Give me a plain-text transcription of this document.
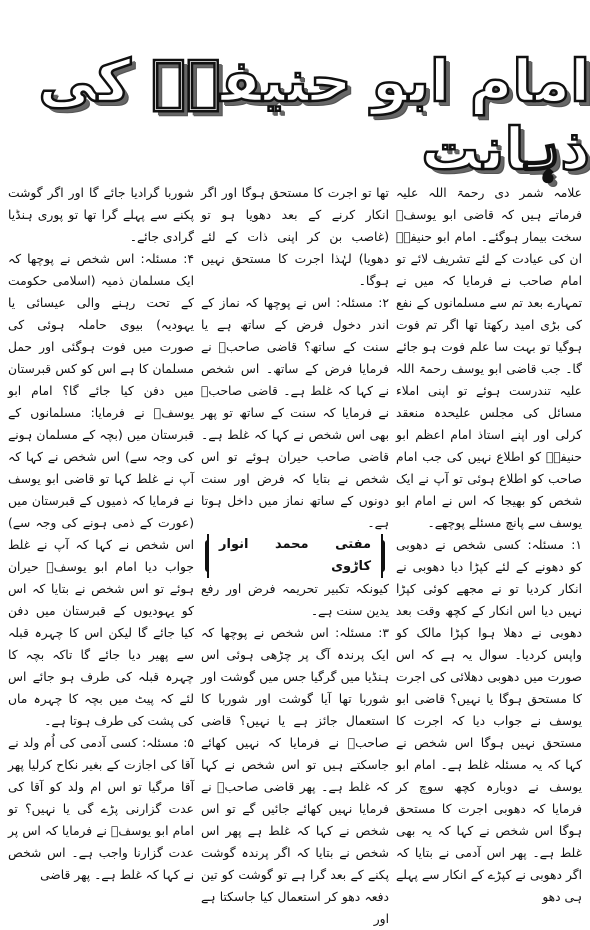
امام ابو حنیفہؒ کی ذہانت

علامہ شمر دی رحمۃ اللہ علیہ فرماتے ہیں کہ قاضی ابو یوسفؒ سخت بیمار ہوگئے۔ امام ابو حنیفہؒ ان کی عیادت کے لئے تشریف لائے تو امام صاحب نے فرمایا کہ میں نے تمہارے بعد تم سے مسلمانوں کے نفع کی بڑی امید رکھتا تھا اگر تم فوت ہوگیا تو بہت سا علم فوت ہو جائے گا۔ جب قاضی ابو یوسف رحمۃ اللہ علیہ تندرست ہوئے تو اپنی املاء مسائل کی مجلس علیحدہ منعقد کرلی اور اپنے استاذ امام اعظم ابو حنیفہؒ کو اطلاع نہیں کی جب امام صاحب کو اطلاع ہوئی تو آپ نے ایک شخص کو بھیجا کہ اس نے امام ابو یوسف سے پانچ مسئلے پوچھے۔

۱: مسئلہ: کسی شخص نے دھوبی کو دھونے کے لئے کپڑا دیا دھوبی نے انکار کردیا تو نے مجھے کوئی کپڑا نہیں دیا اس انکار کے کچھ وقت بعد دھوبی نے دھلا ہوا کپڑا مالک کو واپس کردیا۔ سوال یہ ہے کہ اس صورت میں دھوبی دھلائی کی اجرت کا مستحق ہوگا یا نہیں؟ قاضی ابو یوسف نے جواب دیا کہ اجرت کا مستحق نہیں ہوگا اس شخص نے کہا کہ یہ مسئلہ غلط ہے۔ امام ابو یوسف نے دوبارہ کچھ سوچ کر فرمایا کہ دھوبی اجرت کا مستحق ہوگا اس شخص نے کہا کہ یہ بھی غلط ہے۔ پھر اس آدمی نے بتایا کہ اگر دھوبی نے کپڑے کے انکار سے پہلے ہی دھو

تھا تو اجرت کا مستحق ہوگا اور اگر انکار کرنے کے بعد دھویا ہو تو (غاصب بن کر اپنی ذات کے لئے دھویا) لہٰذا اجرت کا مستحق نہیں ہوگا۔

۲: مسئلہ: اس نے پوچھا کہ نماز کے اندر دخول فرض کے ساتھ ہے یا سنت کے ساتھ؟ قاضی صاحبؒ نے فرمایا فرض کے ساتھ۔ اس شخص نے کہا کہ غلط ہے۔ قاضی صاحبؒ نے فرمایا کہ سنت کے ساتھ تو پھر بھی اس شخص نے کہا کہ غلط ہے۔ قاضی صاحب حیران ہوئے تو اس شخص نے بتایا کہ فرض اور سنت دونوں کے ساتھ نماز میں داخل ہوتا ہے۔

مفتی محمد انوار کاڑوی

کیونکہ تکبیر تحریمہ فرض اور رفع یدین سنت ہے۔

۳: مسئلہ: اس شخص نے پوچھا کہ ایک پرندہ آگ پر چڑھی ہوئی اس ہنڈیا میں گرگیا جس میں گوشت اور شوربا تھا آیا گوشت اور شوربا کا استعمال جائز ہے یا نہیں؟ قاضی صاحبؒ نے فرمایا کہ نہیں کھائے جاسکتے ہیں تو اس شخص نے کہا کہ غلط ہے۔ پھر قاضی صاحبؒ نے فرمایا نہیں کھائے جائیں گے تو اس شخص نے کہا کہ غلط ہے پھر اس شخص نے بتایا کہ اگر پرندہ گوشت پکنے کے بعد گرا ہے تو گوشت کو تین دفعہ دھو کر استعمال کیا جاسکتا ہے اور

شوربا گرادیا جائے گا اور اگر گوشت پکنے سے پہلے گرا تھا تو پوری ہنڈیا گرادی جائے۔

۴: مسئلہ: اس شخص نے پوچھا کہ ایک مسلمان ذمیہ (اسلامی حکومت کے تحت رہنے والی عیسائی یا یہودیہ) بیوی حاملہ ہوئی کی صورت میں فوت ہوگئی اور حمل مسلمان کا ہے اس کو کس قبرستان میں دفن کیا جائے گا؟ امام ابو یوسفؒ نے فرمایا: مسلمانوں کے قبرستان میں (بچہ کے مسلمان ہونے کی وجہ سے) اس شخص نے کہا کہ آپ نے غلط کہا تو قاضی ابو یوسف نے فرمایا کہ ذمیوں کے قبرستان میں (عورت کے ذمی ہونے کی وجہ سے) اس شخص نے کہا کہ آپ نے غلط جواب دیا امام ابو یوسفؒ حیران ہوئے تو اس شخص نے بتایا کہ اس کو یہودیوں کے قبرستان میں دفن کیا جائے گا لیکن اس کا چہرہ قبلہ سے پھیر دیا جائے گا تاکہ بچہ کا چہرہ قبلہ کی طرف ہو جائے اس لئے کہ پیٹ میں بچہ کا چہرہ ماں کی پشت کی طرف ہوتا ہے۔

۵: مسئلہ: کسی آدمی کی اُم ولد نے آقا کی اجازت کے بغیر نکاح کرلیا پھر آقا مرگیا تو اس ام ولد کو آقا کی عدت گزارنی پڑے گی یا نہیں؟ تو امام ابو یوسفؒ نے فرمایا کہ اس پر عدت گزارنا واجب ہے۔ اس شخص نے کہا کہ غلط ہے۔ پھر قاضی
